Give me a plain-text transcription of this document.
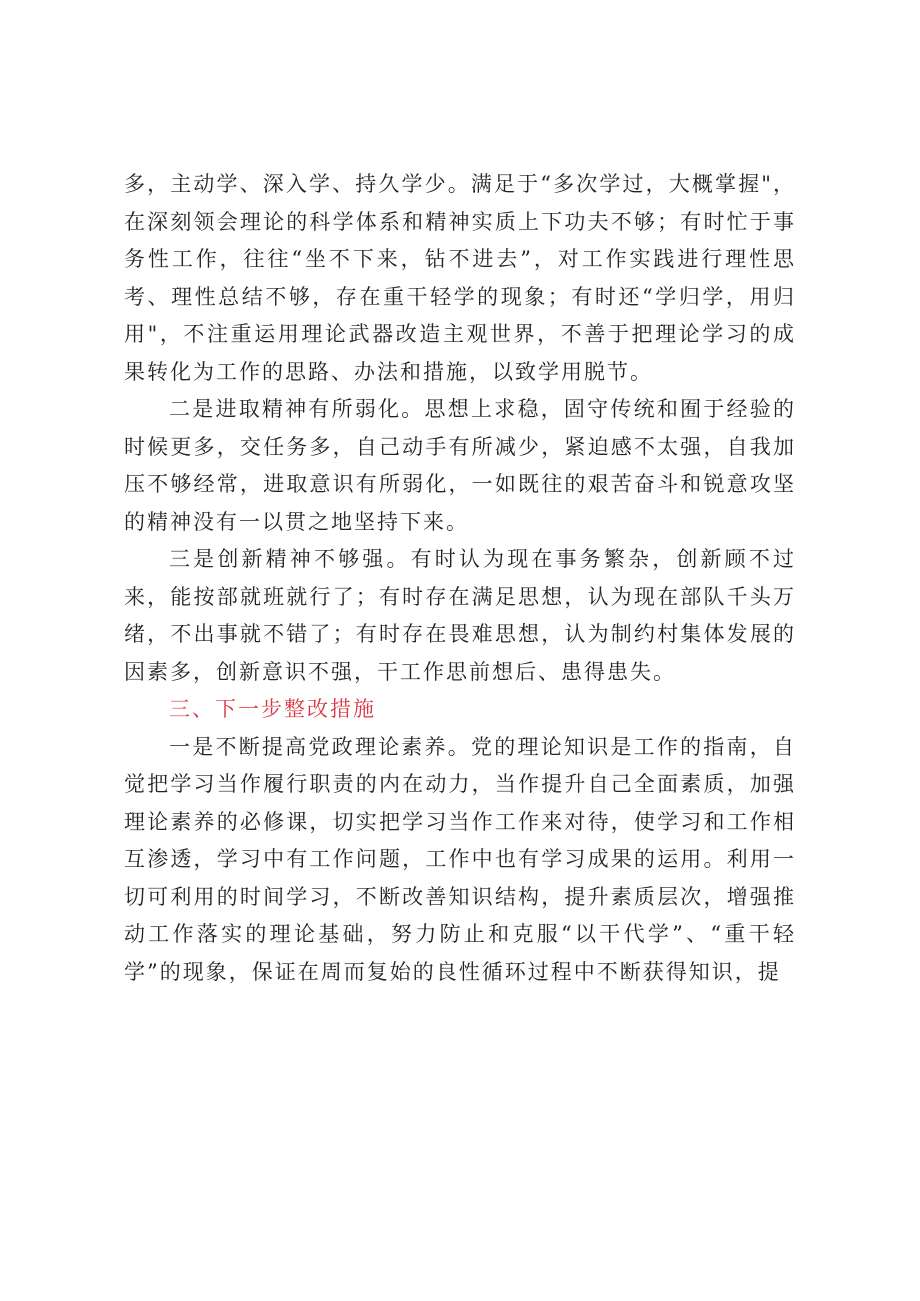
多，主动学、深入学、持久学少。满足于“多次学过，大概掌握"，在深刻领会理论的科学体系和精神实质上下功夫不够；有时忙于事务性工作，往往“坐不下来，钻不进去”，对工作实践进行理性思考、理性总结不够，存在重干轻学的现象；有时还“学归学，用归用"，不注重运用理论武器改造主观世界，不善于把理论学习的成果转化为工作的思路、办法和措施，以致学用脱节。

二是进取精神有所弱化。思想上求稳，固守传统和囿于经验的时候更多，交任务多，自己动手有所减少，紧迫感不太强，自我加压不够经常，进取意识有所弱化，一如既往的艰苦奋斗和锐意攻坚的精神没有一以贯之地坚持下来。

三是创新精神不够强。有时认为现在事务繁杂，创新顾不过来，能按部就班就行了；有时存在满足思想，认为现在部队千头万绪，不出事就不错了；有时存在畏难思想，认为制约村集体发展的因素多，创新意识不强，干工作思前想后、患得患失。

三、下一步整改措施

一是不断提高党政理论素养。党的理论知识是工作的指南，自觉把学习当作履行职责的内在动力，当作提升自己全面素质，加强理论素养的必修课，切实把学习当作工作来对待，使学习和工作相互渗透，学习中有工作问题，工作中也有学习成果的运用。利用一切可利用的时间学习，不断改善知识结构，提升素质层次，增强推动工作落实的理论基础，努力防止和克服“以干代学”、“重干轻学”的现象，保证在周而复始的良性循环过程中不断获得知识，提
